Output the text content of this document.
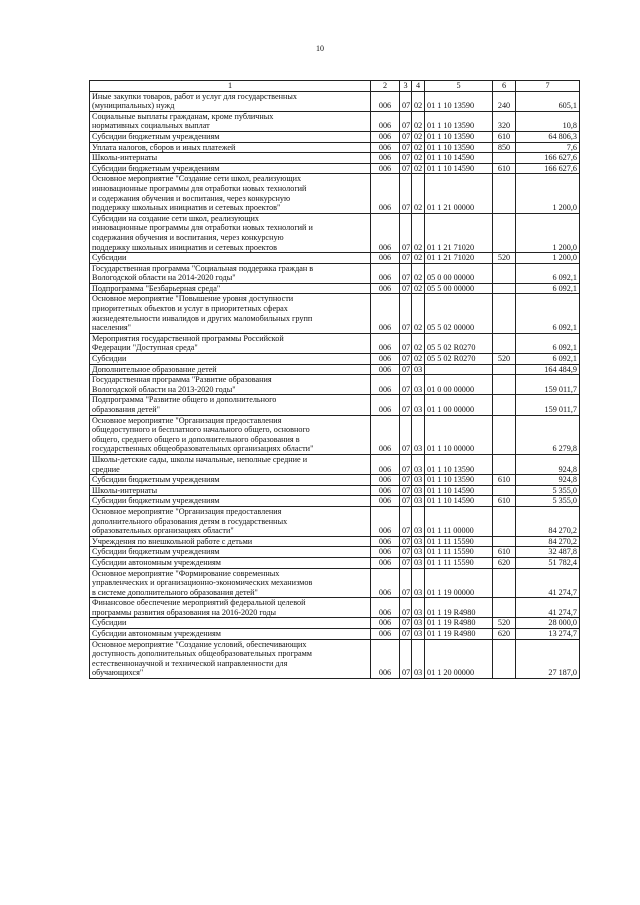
10
1	2	3	4	5	6	7

Иные закупки товаров, работ и услуг для государственных
(муниципальных) нужд	006	07	02	01 1 10 13590	240	605,1

Социальные выплаты гражданам, кроме публичных
нормативных социальных выплат	006	07	02	01 1 10 13590	320	10,8

Субсидии бюджетным учреждениям	006	07	02	01 1 10 13590	610	64 806,3

Уплата налогов, сборов и иных платежей	006	07	02	01 1 10 13590	850	7,6

Школы-интернаты	006	07	02	01 1 10 14590		166 627,6

Субсидии бюджетным учреждениям	006	07	02	01 1 10 14590	610	166 627,6

Основное мероприятие "Создание сети школ, реализующих
инновационные программы для отработки новых технологий
и содержания обучения и воспитания, через конкурсную
поддержку школьных инициатив и сетевых проектов"	006	07	02	01 1 21 00000		1 200,0

Субсидии на создание сети школ, реализующих
инновационные программы для отработки новых технологий и
содержания обучения и воспитания, через конкурсную
поддержку школьных инициатив и сетевых проектов	006	07	02	01 1 21 71020		1 200,0

Субсидии	006	07	02	01 1 21 71020	520	1 200,0

Государственная программа "Социальная поддержка граждан в
Вологодской области на 2014-2020 годы"	006	07	02	05 0 00 00000		6 092,1

Подпрограмма "Безбарьерная среда"	006	07	02	05 5 00 00000		6 092,1

Основное мероприятие "Повышение уровня доступности
приоритетных объектов и услуг в приоритетных сферах
жизнедеятельности инвалидов и других маломобильных групп
населения"	006	07	02	05 5 02 00000		6 092,1

Мероприятия государственной программы Российской
Федерации "Доступная среда"	006	07	02	05 5 02 R0270		6 092,1

Субсидии	006	07	02	05 5 02 R0270	520	6 092,1

Дополнительное образование детей	006	07	03			164 484,9

Государственная программа "Развитие образования
Вологодской области на 2013-2020 годы"	006	07	03	01 0 00 00000		159 011,7

Подпрограмма "Развитие общего и дополнительного
образования детей"	006	07	03	01 1 00 00000		159 011,7

Основное мероприятие "Организация предоставления
общедоступного и бесплатного начального общего, основного
общего, среднего общего и дополнительного образования в
государственных общеобразовательных организациях области"	006	07	03	01 1 10 00000		6 279,8

Школы-детские сады, школы начальные, неполные средние и
средние	006	07	03	01 1 10 13590		924,8

Субсидии бюджетным учреждениям	006	07	03	01 1 10 13590	610	924,8

Школы-интернаты	006	07	03	01 1 10 14590		5 355,0

Субсидии бюджетным учреждениям	006	07	03	01 1 10 14590	610	5 355,0

Основное мероприятие "Организация предоставления
дополнительного образования детям в государственных
образовательных организациях области"	006	07	03	01 1 11 00000		84 270,2

Учреждения по внешкольной работе с детьми	006	07	03	01 1 11 15590		84 270,2

Субсидии бюджетным учреждениям	006	07	03	01 1 11 15590	610	32 487,8

Субсидии автономным учреждениям	006	07	03	01 1 11 15590	620	51 782,4

Основное мероприятие "Формирование современных
управленческих и организационно-экономических механизмов
в системе дополнительного образования детей"	006	07	03	01 1 19 00000		41 274,7

Финансовое обеспечение мероприятий федеральной целевой
программы развития образования на 2016-2020 годы	006	07	03	01 1 19 R4980		41 274,7

Субсидии	006	07	03	01 1 19 R4980	520	28 000,0

Субсидии автономным учреждениям	006	07	03	01 1 19 R4980	620	13 274,7

Основное мероприятие "Создание условий, обеспечивающих
доступность дополнительных общеобразовательных программ
естественнонаучной и технической направленности для
обучающихся"	006	07	03	01 1 20 00000		27 187,0
